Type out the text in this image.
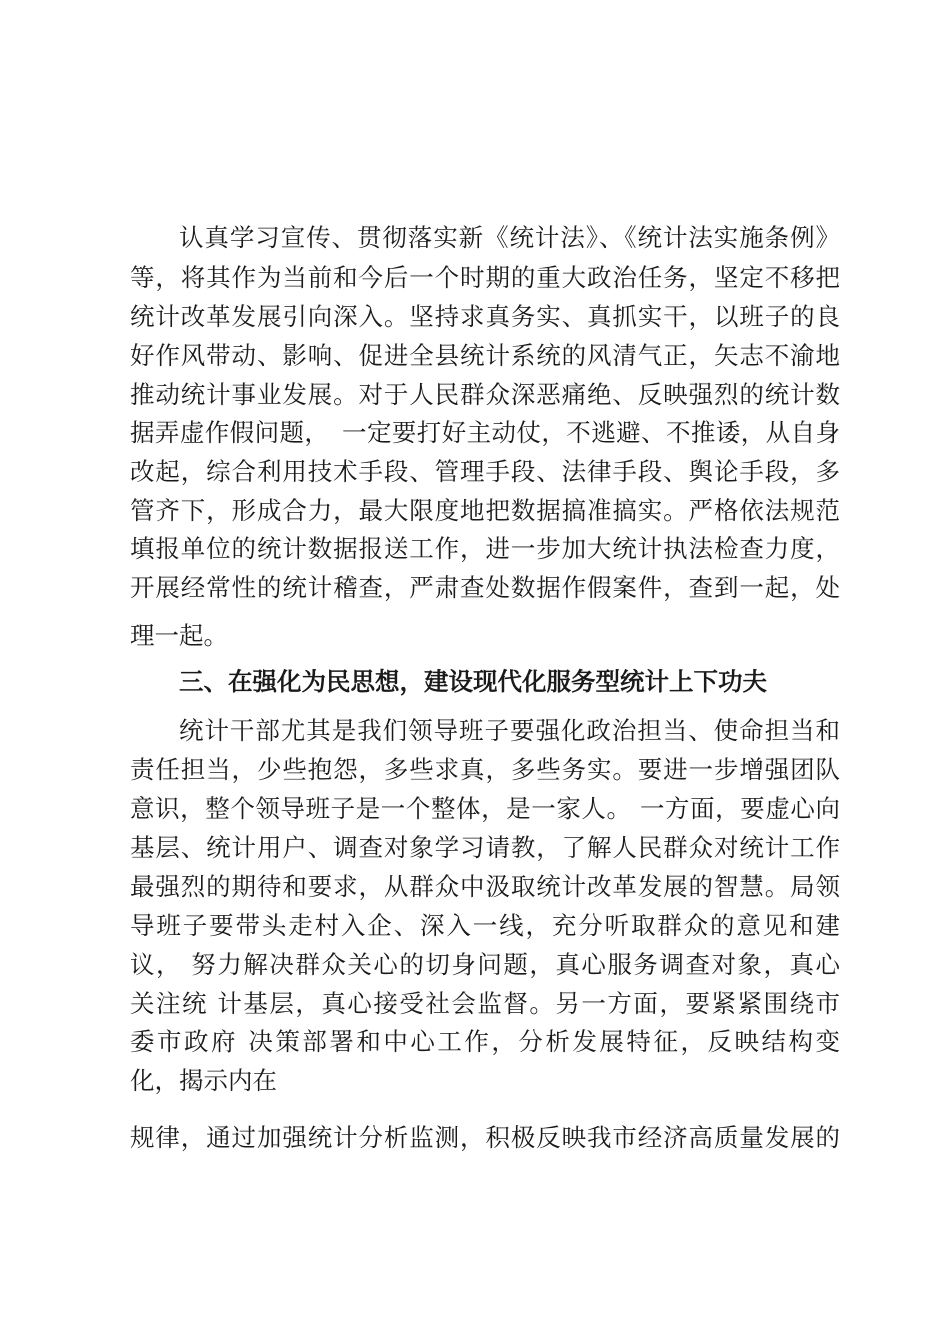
认真学习宣传、贯彻落实新《统计法》、《统计法实施条例》
等，将其作为当前和今后一个时期的重大政治任务，坚定不移把
统计改革发展引向深入。坚持求真务实、真抓实干，以班子的良
好作风带动、影响、促进全县统计系统的风清气正，矢志不渝地
推动统计事业发展。对于人民群众深恶痛绝、反映强烈的统计数
据弄虚作假问题，　一定要打好主动仗，不逃避、不推诿，从自身
改起，综合利用技术手段、管理手段、法律手段、舆论手段，多
管齐下，形成合力，最大限度地把数据搞准搞实。严格依法规范
填报单位的统计数据报送工作，进一步加大统计执法检查力度，
开展经常性的统计稽查，严肃查处数据作假案件，查到一起，处
理一起。
三、在强化为民思想，建设现代化服务型统计上下功夫
统计干部尤其是我们领导班子要强化政治担当、使命担当和
责任担当，少些抱怨，多些求真，多些务实。要进一步增强团队
意识，整个领导班子是一个整体，是一家人。 一方面，要虚心向
基层、统计用户、调查对象学习请教，了解人民群众对统计工作
最强烈的期待和要求，从群众中汲取统计改革发展的智慧。局领
导班子要带头走村入企、深入一线，充分听取群众的意见和建
议， 努力解决群众关心的切身问题，真心服务调查对象，真心
关注统 计基层，真心接受社会监督。另一方面，要紧紧围绕市
委市政府 决策部署和中心工作，分析发展特征，反映结构变
化，揭示内在
规律，通过加强统计分析监测，积极反映我市经济高质量发展的
